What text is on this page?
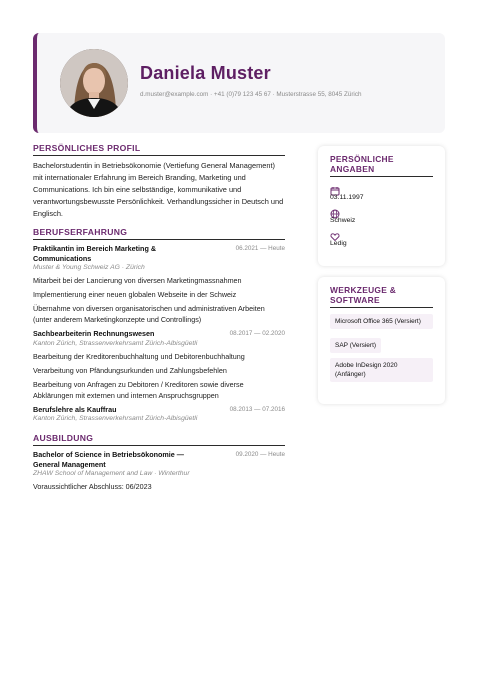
Daniela Muster
d.muster@example.com · +41 (0)79 123 45 67 · Musterstrasse 55, 8045 Zürich
PERSÖNLICHES PROFIL
Bachelorstudentin in Betriebsökonomie (Vertiefung General Management) mit internationaler Erfahrung im Bereich Branding, Marketing und Communications. Ich bin eine selbständige, kommunikative und verantwortungsbewusste Persönlichkeit. Verhandlungssicher in Deutsch und Englisch.
BERUFSERFAHRUNG
Praktikantin im Bereich Marketing & Communications
06.2021 — Heute
Muster & Young Schweiz AG · Zürich
Mitarbeit bei der Lancierung von diversen Marketingmassnahmen
Implementierung einer neuen globalen Webseite in der Schweiz
Übernahme von diversen organisatorischen und administrativen Arbeiten (unter anderem Marketingkonzepte und Controllings)
Sachbearbeiterin Rechnungswesen	08.2017 — 02.2020
Kanton Zürich, Strassenverkehrsamt Zürich-Albisgüetli
Bearbeitung der Kreditorenbuchhaltung und Debitorenbuchhaltung
Verarbeitung von Pfändungsurkunden und Zahlungsbefehlen
Bearbeitung von Anfragen zu Debitoren / Kreditoren sowie diverse Abklärungen mit externen und internen Anspruchsgruppen
Berufslehre als Kauffrau	08.2013 — 07.2016
Kanton Zürich, Strassenverkehrsamt Zürich-Albisgüetli
AUSBILDUNG
Bachelor of Science in Betriebsökonomie — General Management
09.2020 — Heute
ZHAW School of Management and Law · Winterthur
Voraussichtlicher Abschluss: 06/2023
PERSÖNLICHE ANGABEN
03.11.1997
Schweiz
Ledig
WERKZEUGE & SOFTWARE
Microsoft Office 365 (Versiert)
SAP (Versiert)
Adobe InDesign 2020 (Anfänger)
